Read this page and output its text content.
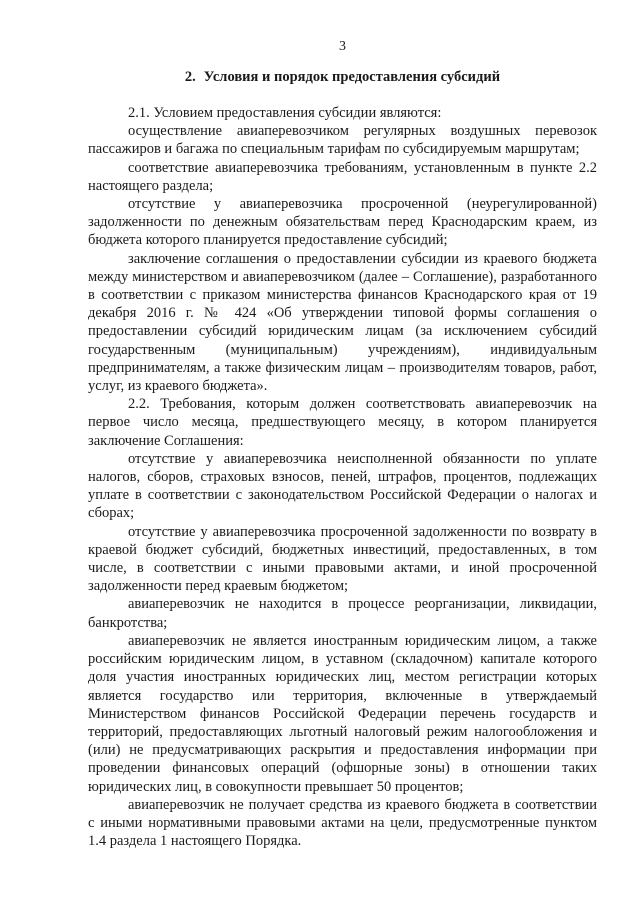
3
2. Условия и порядок предоставления субсидий

2.1. Условием предоставления субсидии являются:

осуществление авиаперевозчиком регулярных воздушных перевозок пассажиров и багажа по специальным тарифам по субсидируемым маршрутам;

соответствие авиаперевозчика требованиям, установленным в пункте 2.2 настоящего раздела;

отсутствие у авиаперевозчика просроченной (неурегулированной) задолженности по денежным обязательствам перед Краснодарским краем, из бюджета которого планируется предоставление субсидий;

заключение соглашения о предоставлении субсидии из краевого бюджета между министерством и авиаперевозчиком (далее – Соглашение), разработанного в соответствии с приказом министерства финансов Краснодарского края от 19 декабря 2016 г. № 424 «Об утверждении типовой формы соглашения о предоставлении субсидий юридическим лицам (за исключением субсидий государственным (муниципальным) учреждениям), индивидуальным предпринимателям, а также физическим лицам – производителям товаров, работ, услуг, из краевого бюджета».

2.2. Требования, которым должен соответствовать авиаперевозчик на первое число месяца, предшествующего месяцу, в котором планируется заключение Соглашения:

отсутствие у авиаперевозчика неисполненной обязанности по уплате налогов, сборов, страховых взносов, пеней, штрафов, процентов, подлежащих уплате в соответствии с законодательством Российской Федерации о налогах и сборах;

отсутствие у авиаперевозчика просроченной задолженности по возврату в краевой бюджет субсидий, бюджетных инвестиций, предоставленных, в том числе, в соответствии с иными правовыми актами, и иной просроченной задолженности перед краевым бюджетом;

авиаперевозчик не находится в процессе реорганизации, ликвидации, банкротства;

авиаперевозчик не является иностранным юридическим лицом, а также российским юридическим лицом, в уставном (складочном) капитале которого доля участия иностранных юридических лиц, местом регистрации которых является государство или территория, включенные в утверждаемый Министерством финансов Российской Федерации перечень государств и территорий, предоставляющих льготный налоговый режим налогообложения и (или) не предусматривающих раскрытия и предоставления информации при проведении финансовых операций (офшорные зоны) в отношении таких юридических лиц, в совокупности превышает 50 процентов;

авиаперевозчик не получает средства из краевого бюджета в соответствии с иными нормативными правовыми актами на цели, предусмотренные пунктом 1.4 раздела 1 настоящего Порядка.
